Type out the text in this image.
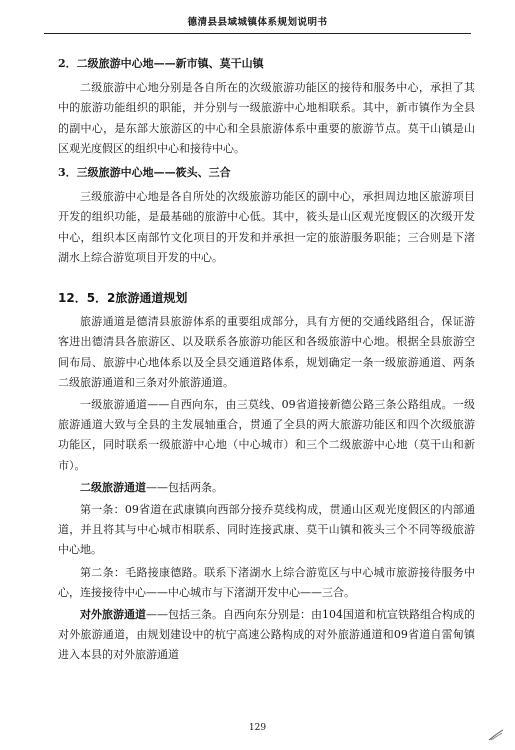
德清县县域城镇体系规划说明书
2．二级旅游中心地——新市镇、莫干山镇

二级旅游中心地分别是各自所在的次级旅游功能区的接待和服务中心，承担了其中的旅游功能组织的职能，并分别与一级旅游中心地相联系。其中，新市镇作为全县的副中心，是东部大旅游区的中心和全县旅游体系中重要的旅游节点。莫干山镇是山区观光度假区的组织中心和接待中心。

3．三级旅游中心地——筱头、三合

三级旅游中心地是各自所处的次级旅游功能区的副中心，承担周边地区旅游项目开发的组织功能，是最基础的旅游中心低。其中，筱头是山区观光度假区的次级开发中心，组织本区南部竹文化项目的开发和并承担一定的旅游服务职能；三合则是下渚湖水上综合游览项目开发的中心。

12．5．2旅游通道规划

旅游通道是德清县旅游体系的重要组成部分，具有方便的交通线路组合，保证游客进出德清县各旅游区、以及联系各旅游功能区和各级旅游中心地。根据全县旅游空间布局、旅游中心地体系以及全县交通道路体系，规划确定一条一级旅游通道、两条二级旅游通道和三条对外旅游通道。

一级旅游通道——自西向东，由三莫线、09省道接新德公路三条公路组成。一级旅游通道大致与全县的主发展轴重合，贯通了全县的两大旅游功能区和四个次级旅游功能区，同时联系一级旅游中心地（中心城市）和三个二级旅游中心地（莫干山和新市）。

二级旅游通道——包括两条。

第一条：09省道在武康镇向西部分接乔莫线构成，贯通山区观光度假区的内部通道，并且将其与中心城市相联系、同时连接武康、莫干山镇和筱头三个不同等级旅游中心地。

第二条：毛路接康德路。联系下渚湖水上综合游览区与中心城市旅游接待服务中心，连接接待中心——中心城市与下渚湖开发中心——三合。

对外旅游通道——包括三条。自西向东分别是：由104国道和杭宣铁路组合构成的对外旅游通道，由规划建设中的杭宁高速公路构成的对外旅游通道和09省道自雷甸镇进入本县的对外旅游通道

129
